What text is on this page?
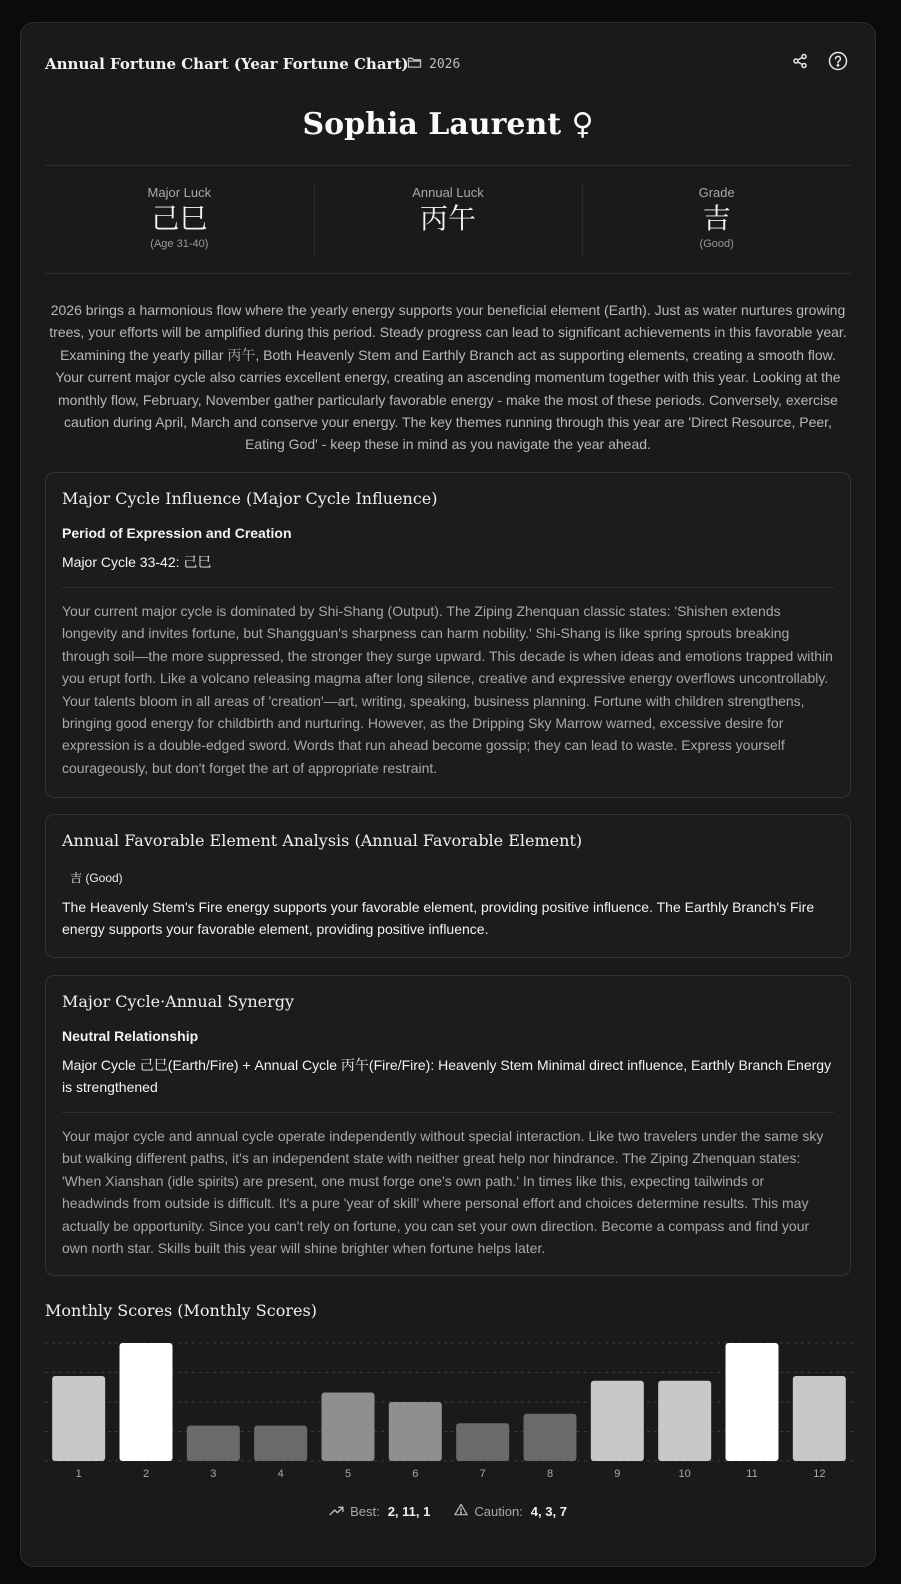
Annual Fortune Chart (Year Fortune Chart) 2026
Sophia Laurent ♀
Major Luck
己巳
(Age 31-40)
Annual Luck
丙午
Grade
吉
(Good)
2026 brings a harmonious flow where the yearly energy supports your beneficial element (Earth). Just as water nurtures growing trees, your efforts will be amplified during this period. Steady progress can lead to significant achievements in this favorable year. Examining the yearly pillar 丙午, Both Heavenly Stem and Earthly Branch act as supporting elements, creating a smooth flow. Your current major cycle also carries excellent energy, creating an ascending momentum together with this year. Looking at the monthly flow, February, November gather particularly favorable energy - make the most of these periods. Conversely, exercise caution during April, March and conserve your energy. The key themes running through this year are 'Direct Resource, Peer, Eating God' - keep these in mind as you navigate the year ahead.
Major Cycle Influence (Major Cycle Influence)
Period of Expression and Creation
Major Cycle 33-42: 己巳
Your current major cycle is dominated by Shi-Shang (Output). The Ziping Zhenquan classic states: 'Shishen extends longevity and invites fortune, but Shangguan's sharpness can harm nobility.' Shi-Shang is like spring sprouts breaking through soil—the more suppressed, the stronger they surge upward. This decade is when ideas and emotions trapped within you erupt forth. Like a volcano releasing magma after long silence, creative and expressive energy overflows uncontrollably. Your talents bloom in all areas of 'creation'—art, writing, speaking, business planning. Fortune with children strengthens, bringing good energy for childbirth and nurturing. However, as the Dripping Sky Marrow warned, excessive desire for expression is a double-edged sword. Words that run ahead become gossip; they can lead to waste. Express yourself courageously, but don't forget the art of appropriate restraint.
Annual Favorable Element Analysis (Annual Favorable Element)
吉 (Good)
The Heavenly Stem's Fire energy supports your favorable element, providing positive influence. The Earthly Branch's Fire energy supports your favorable element, providing positive influence.
Major Cycle·Annual Synergy
Neutral Relationship
Major Cycle 己巳(Earth/Fire) + Annual Cycle 丙午(Fire/Fire): Heavenly Stem Minimal direct influence, Earthly Branch Energy is strengthened
Your major cycle and annual cycle operate independently without special interaction. Like two travelers under the same sky but walking different paths, it's an independent state with neither great help nor hindrance. The Ziping Zhenquan states: 'When Xianshan (idle spirits) are present, one must forge one's own path.' In times like this, expecting tailwinds or headwinds from outside is difficult. It's a pure 'year of skill' where personal effort and choices determine results. This may actually be opportunity. Since you can't rely on fortune, you can set your own direction. Become a compass and find your own north star. Skills built this year will shine brighter when fortune helps later.
Monthly Scores (Monthly Scores)
1	2	3	4	5	6	7	8	9	10	11	12
Best: 2, 11, 1	Caution: 4, 3, 7
